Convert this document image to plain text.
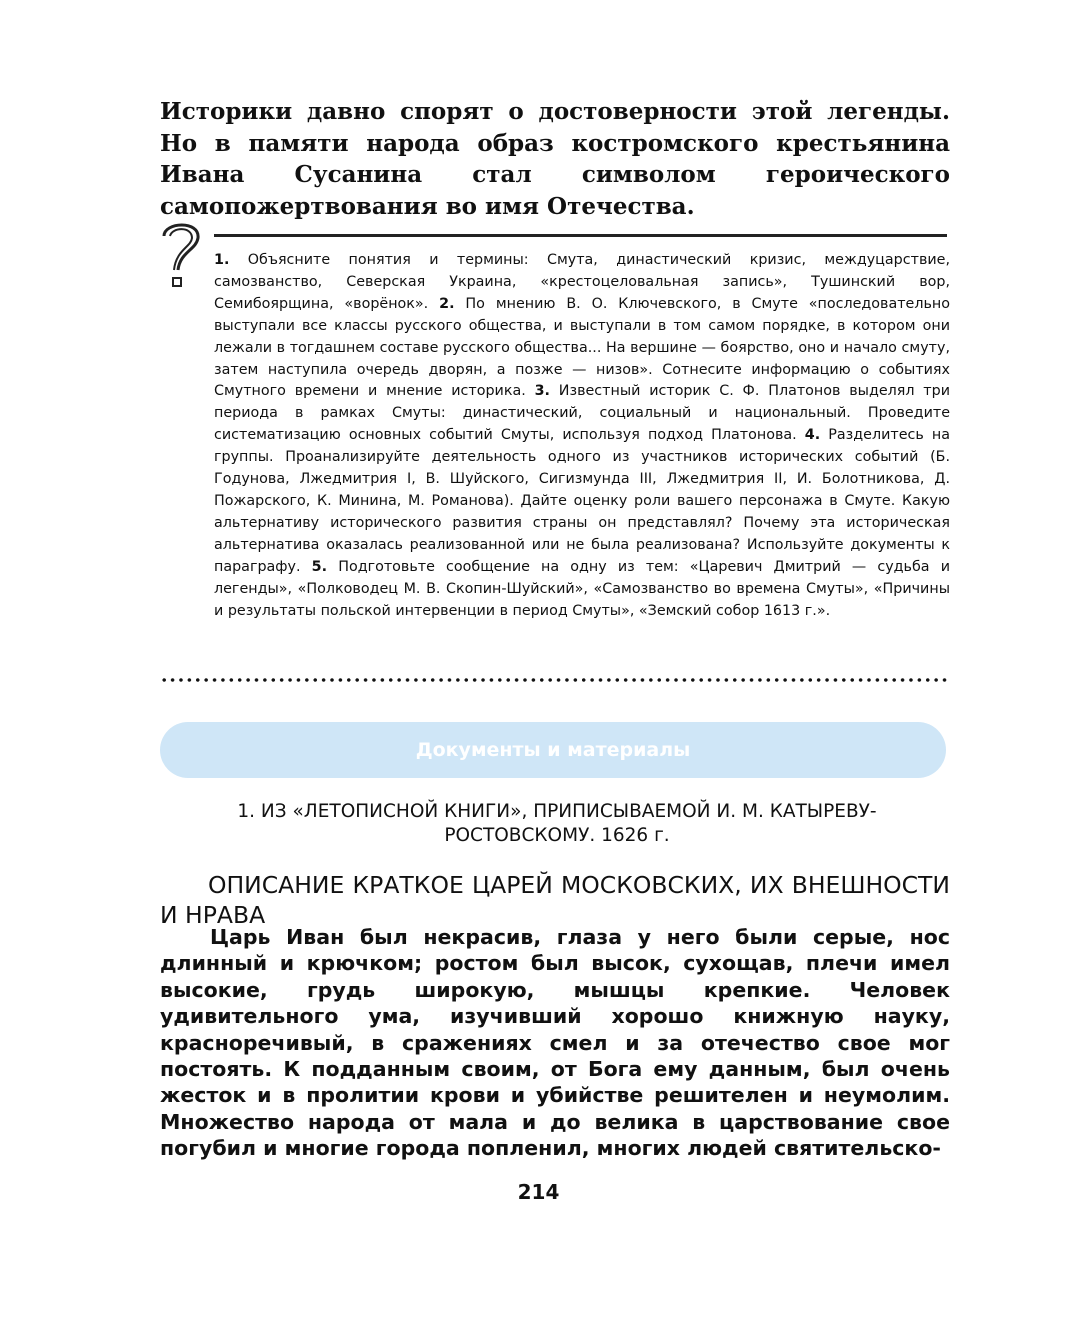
Историки давно спорят о достоверности этой легенды. Но в памяти народа образ костромского крестьянина Ивана Сусанина стал символом героического самопожертвования во имя Отечества.

1. Объясните понятия и термины: Смута, династический кризис, междуцарствие, самозванство, Северская Украина, «крестоцеловальная запись», Тушинский вор, Семибоярщина, «ворёнок». 2. По мнению В. О. Ключевского, в Смуте «последовательно выступали все классы русского общества, и выступали в том самом порядке, в котором они лежали в тогдашнем составе русского общества... На вершине — боярство, оно и начало смуту, затем наступила очередь дворян, а позже — низов». Сотнесите информацию о событиях Смутного времени и мнение историка. 3. Известный историк С. Ф. Платонов выделял три периода в рамках Смуты: династический, социальный и национальный. Проведите систематизацию основных событий Смуты, используя подход Платонова. 4. Разделитесь на группы. Проанализируйте деятельность одного из участников исторических событий (Б. Годунова, Лжедмитрия I, В. Шуйского, Сигизмунда III, Лжедмитрия II, И. Болотникова, Д. Пожарского, К. Минина, М. Романова). Дайте оценку роли вашего персонажа в Смуте. Какую альтернативу исторического развития страны он представлял? Почему эта историческая альтернатива оказалась реализованной или не была реализована? Используйте документы к параграфу. 5. Подготовьте сообщение на одну из тем: «Царевич Дмитрий — судьба и легенды», «Полководец М. В. Скопин-Шуйский», «Самозванство во времена Смуты», «Причины и результаты польской интервенции в период Смуты», «Земский собор 1613 г.».

Документы и материалы

1. ИЗ «ЛЕТОПИСНОЙ КНИГИ», ПРИПИСЫВАЕМОЙ И. М. КАТЫРЕВУ-РОСТОВСКОМУ. 1626 г.

ОПИСАНИЕ КРАТКОЕ ЦАРЕЙ МОСКОВСКИХ, ИХ ВНЕШНОСТИ И НРАВА

Царь Иван был некрасив, глаза у него были серые, нос длинный и крючком; ростом был высок, сухощав, плечи имел высокие, грудь широкую, мышцы крепкие. Человек удивительного ума, изучивший хорошо книжную науку, красноречивый, в сражениях смел и за отечество свое мог постоять. К подданным своим, от Бога ему данным, был очень жесток и в пролитии крови и убийстве решителен и неумолим. Множество народа от мала и до велика в царствование свое погубил и многие города попленил, многих людей святительско-

214
